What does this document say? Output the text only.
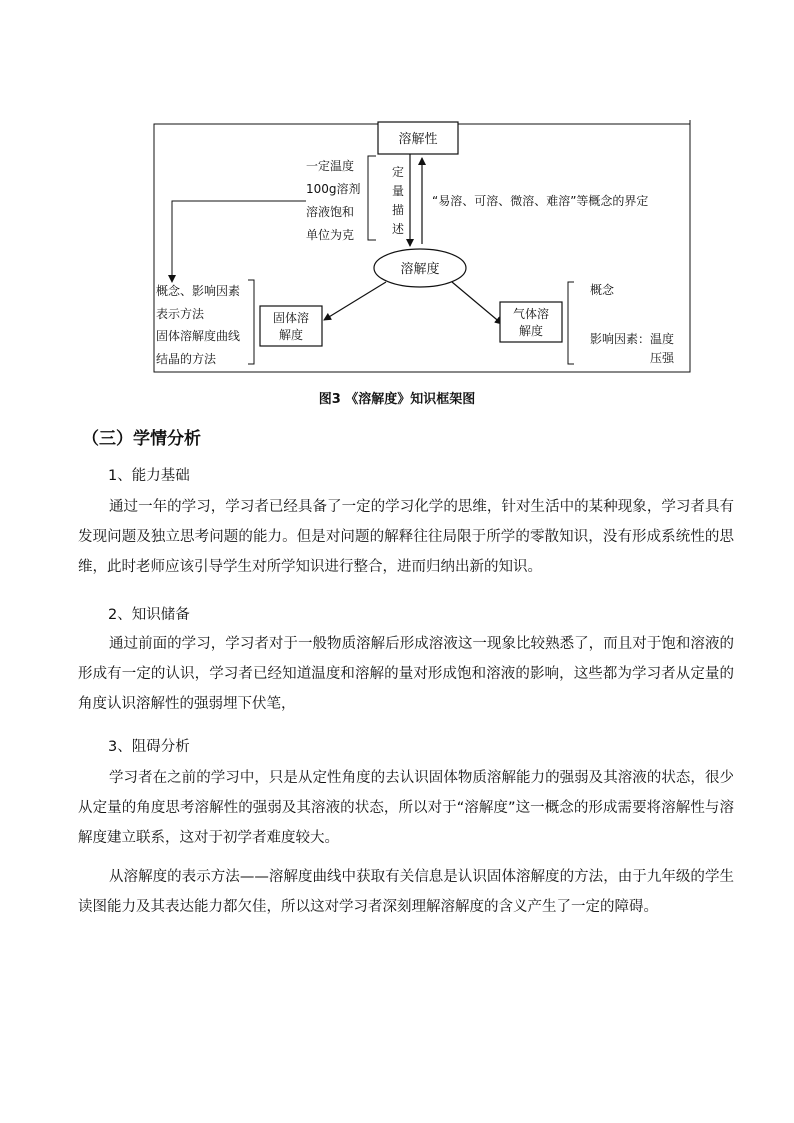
溶解性
定
量
描
述
一定温度
100g溶剂
溶液饱和
单位为克
“易溶、可溶、微溶、难溶”等概念的界定
溶解度
固体溶
解度
气体溶
解度
概念、影响因素
表示方法
固体溶解度曲线
结晶的方法
概念
影响因素： 温度
压强
图3 《溶解度》知识框架图
（三）学情分析
1、能力基础

通过一年的学习，学习者已经具备了一定的学习化学的思维，针对生活中的某种现象，学习者具有发现问题及独立思考问题的能力。但是对问题的解释往往局限于所学的零散知识，没有形成系统性的思维，此时老师应该引导学生对所学知识进行整合，进而归纳出新的知识。

2、知识储备

通过前面的学习，学习者对于一般物质溶解后形成溶液这一现象比较熟悉了，而且对于饱和溶液的形成有一定的认识，学习者已经知道温度和溶解的量对形成饱和溶液的影响，这些都为学习者从定量的角度认识溶解性的强弱埋下伏笔，

3、阻碍分析

学习者在之前的学习中，只是从定性角度的去认识固体物质溶解能力的强弱及其溶液的状态，很少从定量的角度思考溶解性的强弱及其溶液的状态，所以对于“溶解度”这一概念的形成需要将溶解性与溶解度建立联系，这对于初学者难度较大。

从溶解度的表示方法——溶解度曲线中获取有关信息是认识固体溶解度的方法，由于九年级的学生读图能力及其表达能力都欠佳，所以这对学习者深刻理解溶解度的含义产生了一定的障碍。
